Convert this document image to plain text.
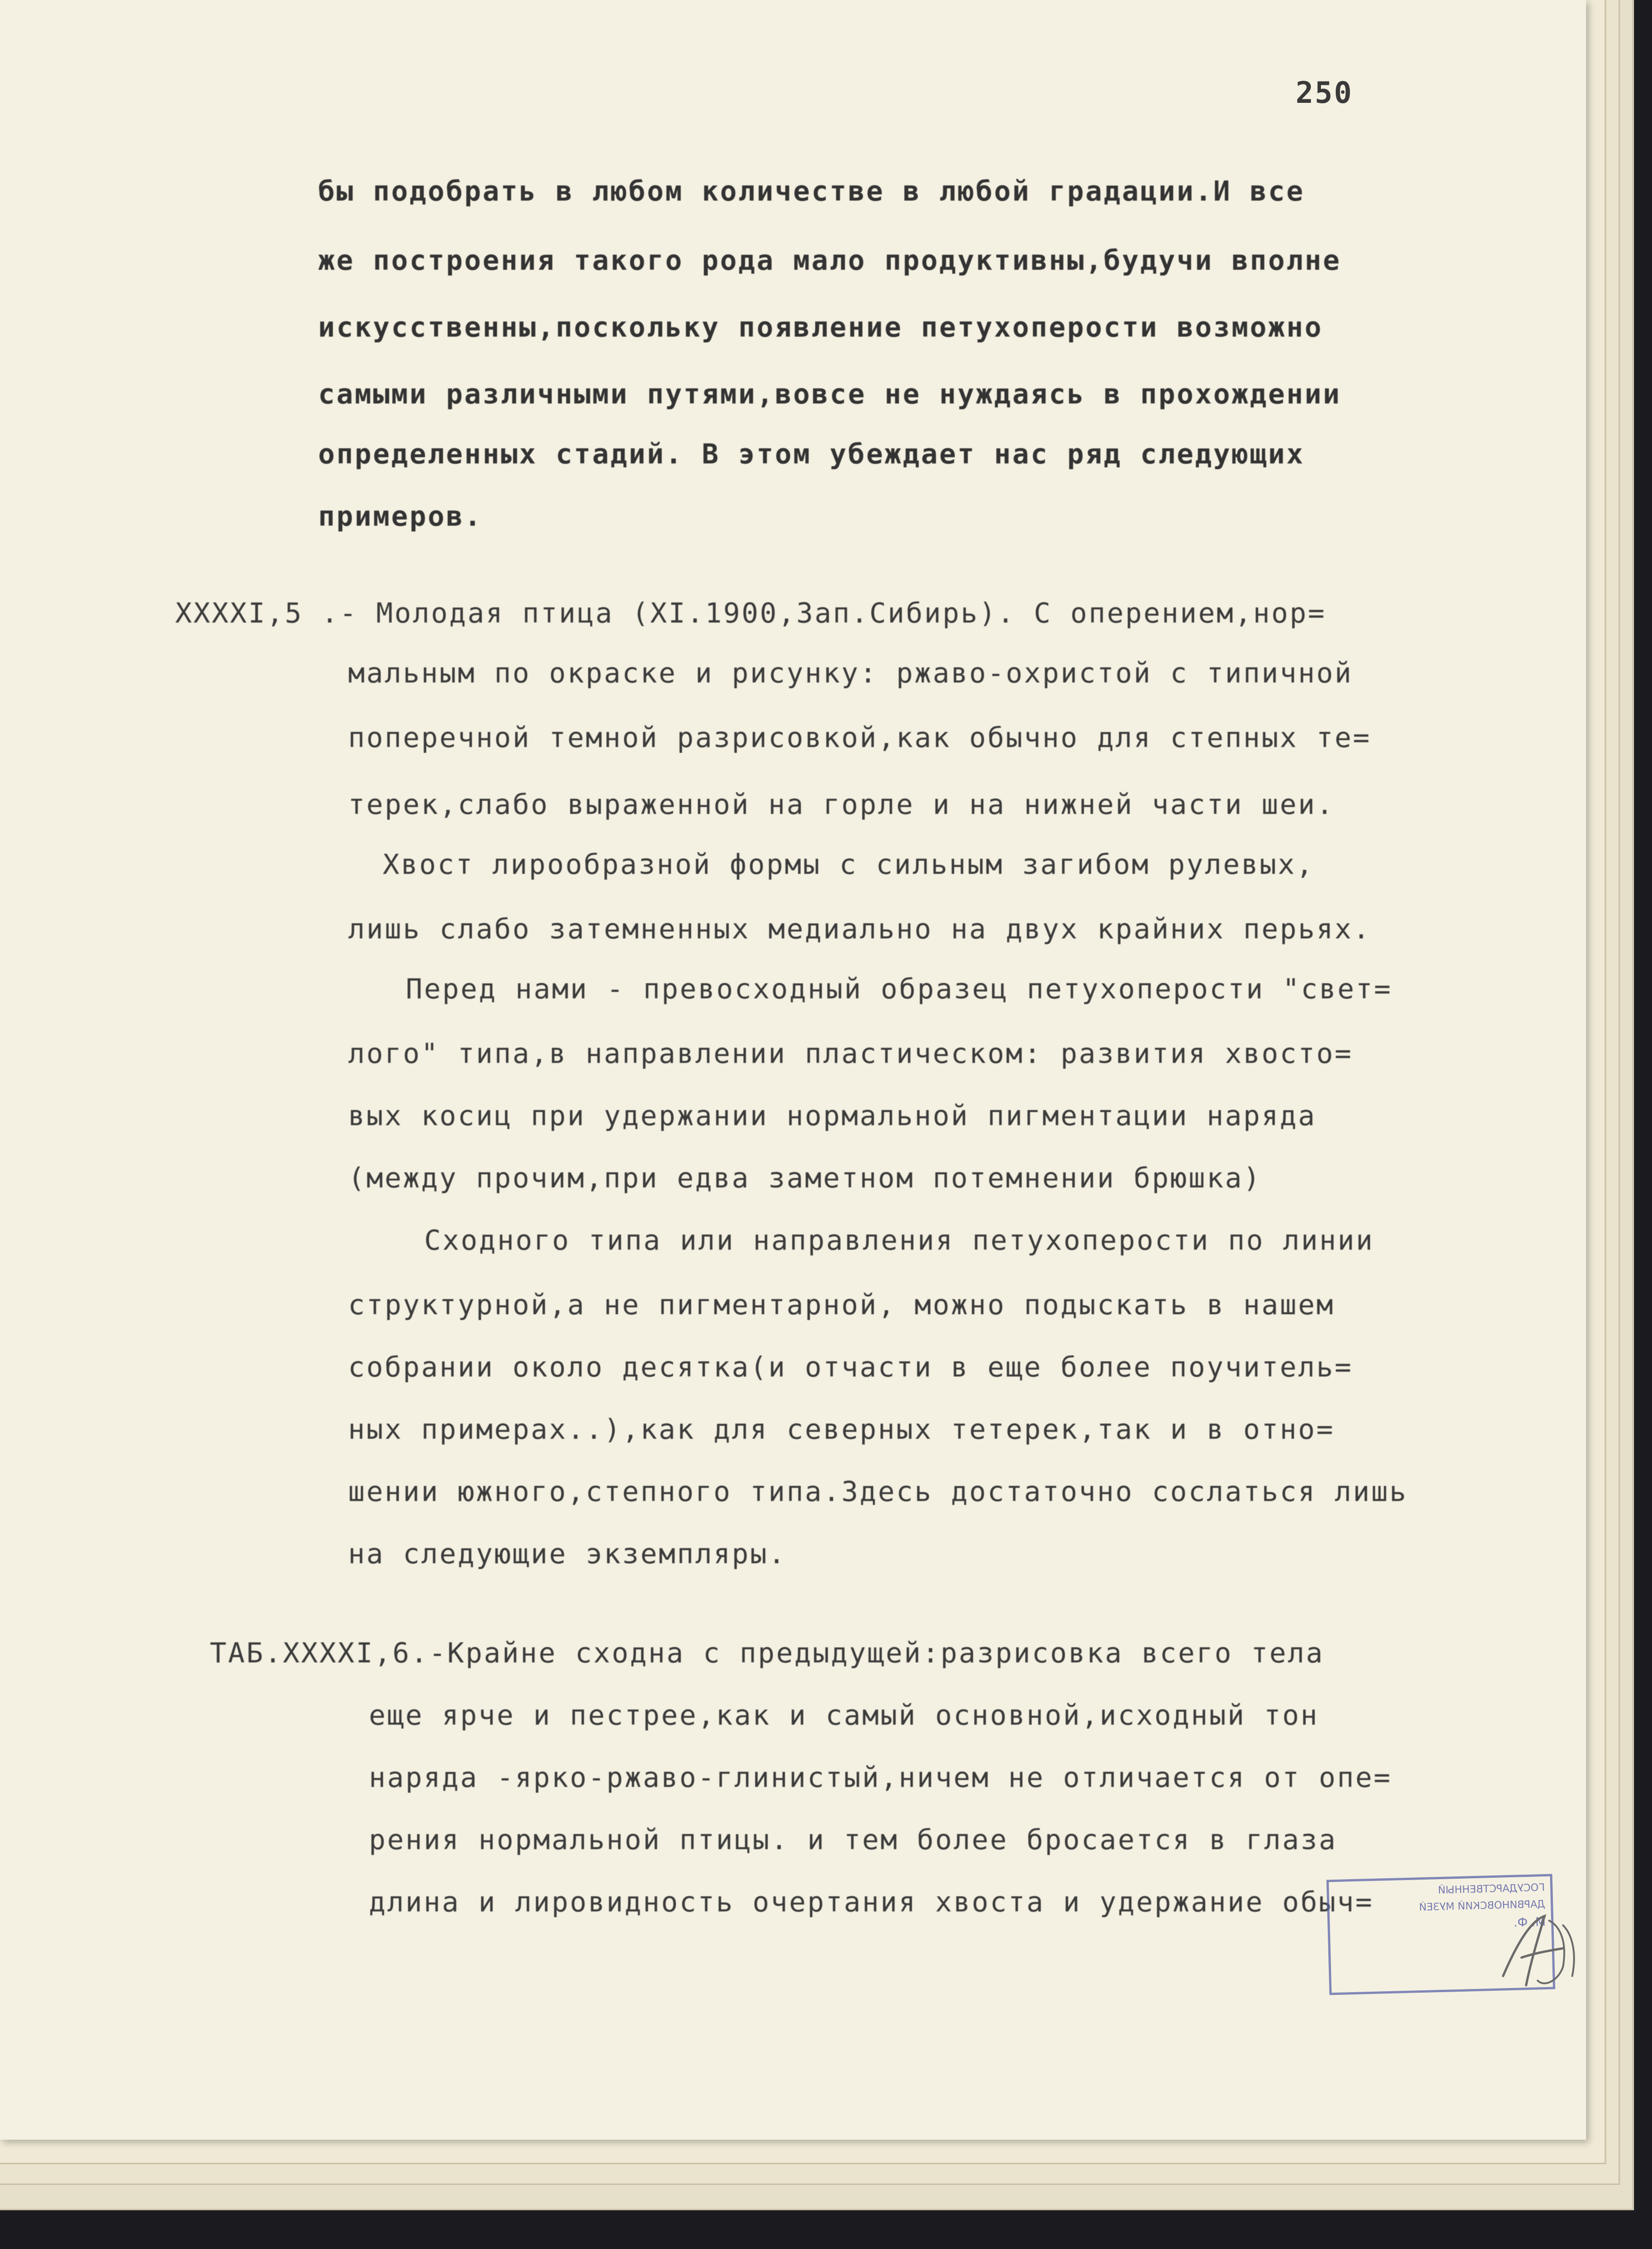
250
бы подобрать в любом количестве в любой градации.И все
же построения такого рода мало продуктивны,будучи вполне
искусственны,поскольку появление петухоперости возможно
самыми различными путями,вовсе не нуждаясь в прохождении
определенных стадий. В этом убеждает нас ряд следующих
примеров.
XXXXI,5 .- Молодая птица (XI.1900,Зап.Сибирь). С оперением,нор=
мальным по окраске и рисунку: ржаво-охристой с типичной
поперечной темной разрисовкой,как обычно для степных те=
терек,слабо выраженной на горле и на нижней части шеи.
Хвост лирообразной формы с сильным загибом рулевых,
лишь слабо затемненных медиально на двух крайних перьях.
Перед нами - превосходный образец петухоперости "свет=
лого" типа,в направлении пластическом: развития хвосто=
вых косиц при удержании нормальной пигментации наряда
(между прочим,при едва заметном потемнении брюшка)
Сходного типа или направления петухоперости по линии
структурной,а не пигментарной, можно подыскать в нашем
собрании около десятка(и отчасти в еще более поучитель=
ных примерах..),как для северных тетерек,так и в отно=
шении южного,степного типа.Здесь достаточно сослаться лишь
на следующие экземпляры.
ТАБ.XXXXI,6.-Крайне сходна с предыдущей:разрисовка всего тела
еще ярче и пестрее,как и самый основной,исходный тон
наряда -ярко-ржаво-глинистый,ничем не отличается от опе=
рения нормальной птицы. и тем более бросается в глаза
длина и лировидность очертания хвоста и удержание обыч=	ГОСУДАРСТВЕННЫЙ
ДАРВИНОВСКИЙ МУЗЕЙ
М. Ф.
